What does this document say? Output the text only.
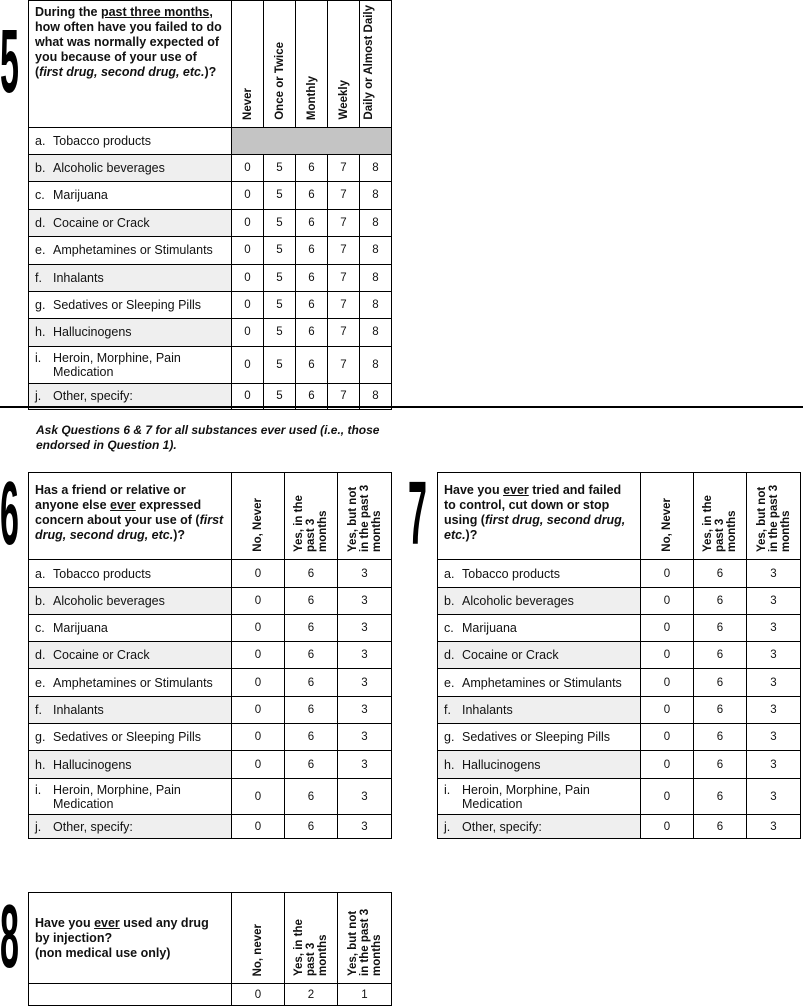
5
During the past three months, how often have you failed to do what was normally expected of you because of your use of (first drug, second drug, etc.)?	Never	Once or Twice	Monthly	Weekly	Daily or Almost Daily
a. Tobacco products					
b. Alcoholic beverages	0	5	6	7	8
c. Marijuana	0	5	6	7	8
d. Cocaine or Crack	0	5	6	7	8
e. Amphetamines or Stimulants	0	5	6	7	8
f. Inhalants	0	5	6	7	8
g. Sedatives or Sleeping Pills	0	5	6	7	8
h. Hallucinogens	0	5	6	7	8
i. Heroin, Morphine, Pain Medication	0	5	6	7	8
j. Other, specify:	0	5	6	7	8
Ask Questions 6 & 7 for all substances ever used (i.e., those endorsed in Question 1).
6 Has a friend or relative or anyone else ever expressed concern about your use of (first drug, second drug, etc.)?	No, Never	Yes, in the past 3 months	Yes, but not in the past 3 months
a. Tobacco products	0	6	3
b. Alcoholic beverages	0	6	3
c. Marijuana	0	6	3
d. Cocaine or Crack	0	6	3
e. Amphetamines or Stimulants	0	6	3
f. Inhalants	0	6	3
g. Sedatives or Sleeping Pills	0	6	3
h. Hallucinogens	0	6	3
i. Heroin, Morphine, Pain Medication	0	6	3
j. Other, specify:	0	6	3
7 Have you ever tried and failed to control, cut down or stop using (first drug, second drug, etc.)?	No, Never	Yes, in the past 3 months	Yes, but not in the past 3 months
a. Tobacco products	0	6	3
b. Alcoholic beverages	0	6	3
c. Marijuana	0	6	3
d. Cocaine or Crack	0	6	3
e. Amphetamines or Stimulants	0	6	3
f. Inhalants	0	6	3
g. Sedatives or Sleeping Pills	0	6	3
h. Hallucinogens	0	6	3
i. Heroin, Morphine, Pain Medication	0	6	3
j. Other, specify:	0	6	3
8 Have you ever used any drug by injection?
(non medical use only)	No, never	Yes, in the past 3 months	Yes, but not in the past 3 months
	0	2	1
